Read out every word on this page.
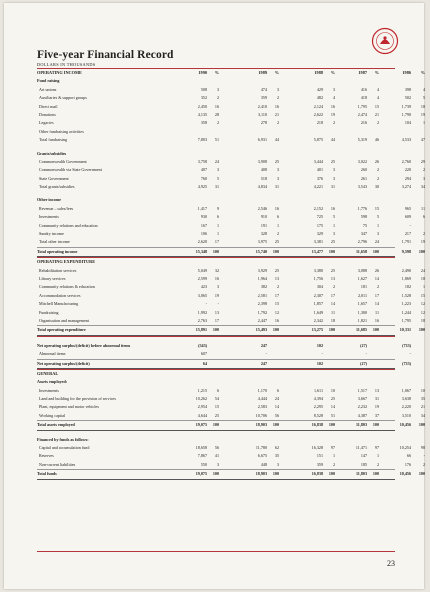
Five-year Financial Record
DOLLARS IN THOUSANDS
OPERATING INCOME	1990	%	1989	%	1988	%	1987	%	1986	%
Fund raising
Art unions	508	3	474	3	429	3	416	4	398	4
Auxiliaries & support groups	352	2	359	2	482	4	418	4	502	5
Direct mail	2,450	16	2,410	16	2,124	16	1,795	15	1,739	18
Donations	4,135	28	3,110	21	2,622	19	2,474	21	1,790	19
Legacies	358	2	278	2	218	2	216	2	104	1
Other fundraising activities
Total fundraising	7,803	51	6,931	44	5,875	44	5,319	46	4,533	47
Grants/subsidies
Commonwealth Government	3,758	24	3,908	25	3,444	25	3,022	26	2,760	29
Commonwealth via State Government	407	3	408	3	401	3	260	2	220	2
State Government	760	5	518	3	376	3	261	2	294	3
Total grants/subsidies	4,925	31	4,834	31	4,221	31	3,543	30	3,274	34
Other income
Revenue – sales/fees	1,417	9	2,546	16	2,152	16	1,776	15	965	11
Investments	930	6	910	6	725	5	598	5	609	6
Community relations and education	167	1	191	1	175	1	75	1	-
Sundry income	106	1	328	2	329	3	347	3	217	2
Total other income	2,620	17	3,975	25	3,381	25	2,796	24	1,791	19
Total operating income	15,348	100	15,740	100	13,477	100	11,658	100	9,598	100
OPERATING EXPENDITURE
Rehabilitation services	5,049	32	3,929	25	3,380	25	3,088	26	2,490	24
Library services	2,599	16	1,964	13	1,756	13	1,627	14	1,869	18
Community relations & education	423	3	382	2	304	2	181	2	182	1
Accommodation services	3,065	19	2,581	17	2,307	17	2,011	17	1,528	15
Mitchell Manufacturing	-	-	2,398	15	1,857	14	1,657	14	1,223	12
Fundraising	1,992	13	1,792	12	1,649	11	1,300	11	1,244	12
Organisation and management	2,763	17	2,447	16	2,342	18	1,821	16	1,795	18
Total operating expenditure	15,891	100	15,493	100	13,275	100	11,685	100	10,331	100
Net operating surplus/(deficit) before abnormal items	(543)	247	102	(27)	(733)
Abnormal items	607	-	-	-	-
Net operating surplus/(deficit)	64	247	102	(27)	(733)
GENERAL
Assets employed:
Investments	1,215	6	1,170	6	1,611	10	1,517	13	1,067	10
Land and building for the provision of services	10,262	54	4,444	24	4,394	25	3,667	31	3,638	35
Plant, equipment and motor vehicles	2,954	15	2,583	14	2,295	14	2,232	19	2,220	21
Working capital	4,644	25	10,706	56	8,528	51	4,387	37	3,510	34
Total assets employed	19,075	100	18,903	100	16,838	100	11,803	100	10,456	100
Financed by funds as follows:
Capital and accumulation fund	18,658	56	11,780	62	16,328	97	11,471	97	10,254	98
Reserves	7,867	41	6,675	35	151	1	147	1	66	-
Non-current liabilities	550	3	448	3	359	2	185	2	176	2
Total funds	19,075	100	18,903	100	16,838	100	11,803	100	10,456	100
23
